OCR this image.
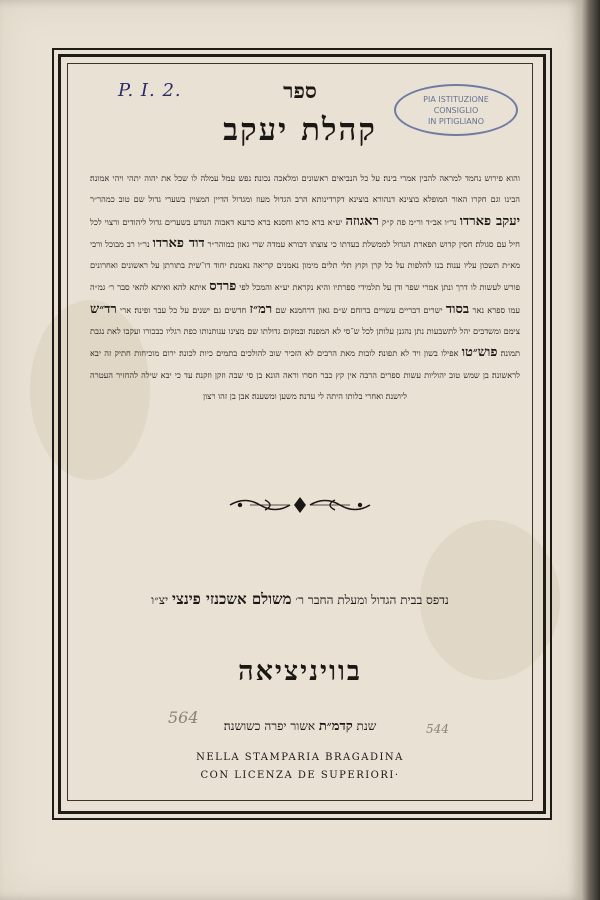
P. I. 2.	PIA ISTITUZIONE
CONSIGLIO
IN PITIGLIANO
ספר
קהלת יעקב
והוא פירוש נחמד למראה להבין אמרי בינה׃ על כל הנביאים ראשונים ומלאכה נכונה׃ נפש עמל עמלה לו שכל את יהוה יתהי ויהי אמונה׃ הבינו וגם חקרו האור המופלא בוצינא דנהורא בוצינא דקרדינותא הרב הגדול מעוז ומגדול הדיין המצוין בשערי גדול שם טוב כמהר״ר יעקב פארדו נר״ו אב״ד ור״מ פה ק״ק ראגוזה יע״א ברא כרא וחסנא׃ ברא כרעא דאבוה הנודע בשערים גדול ליהודים ורצוי לכל חיל עם סגולה׃ חסין קדוש תפארת הגדול לממשלת בעדתו כי צוצתו דבורא עמדה שרי גאון כמוהר״ר דוד פארדו נר״ו רב מבוכל ורבי מא״ת תשכון עליו ענוה׃ בנו להלפות על כל קרן וקוץ תלי תלים מימון נאמנים קריאה נאמנת׃ יחוד דו־שית בתורתן על ראשונים ואחרונים פורש לעשות לו דרך ונתן אמרי שפר ודן על תלמידי ספרתיו והיא נקראת יע״א והמכל לפי פרדס איתא להא ואיתא להאי סבר ר׳ גמ״ה עמו ספרא נאר בסוד ישרים דבריים עשויים ברוחם ש״ם גאון דרחמנא׃ שם רמ״ז חדשים גם ישנים על כל עבר ופינה׃ ארי רד״ש צימם ומשדבים יהל לתשבעות נתן נהגנן עלותן לכל ש־סי לא המפנה׃ ובמקום גדולתו שם מצינו ענותנותו כפת רגליו כבכורו ועקבו לאת נגבת תמונה׃ פוש״טו אפילו בשון ויד לא תפונה׃ לובות מאת הרבים לא הזכיר שוב להולכים בתמים כיות לכונה׃ ירום מוכיחות חתיק זה יבא לראשונה׃ בן שמש טוב יהוליות עשות ספרים הרבה אין קץ כבר חסרו וראה הונא׃ בן סי שבה וזקן וזקנה׃ עד כי יבא שילה להחזיר העטרה ליושנה׃ ואחרי בלותו היתה לי עדנה׃ משען ומשענה׃ אבן בן זהו רצון
נדפס בבית הגדול ומעלת החבר ר׳ משולם אשכנזי פינצי יצ״ו
בוויניציאה
שנת קדמ״ת אשור יפרה כשושנה׃
NELLA STAMPARIA BRAGADINA
CON LICENZA DE SUPERIORI·
564
544
